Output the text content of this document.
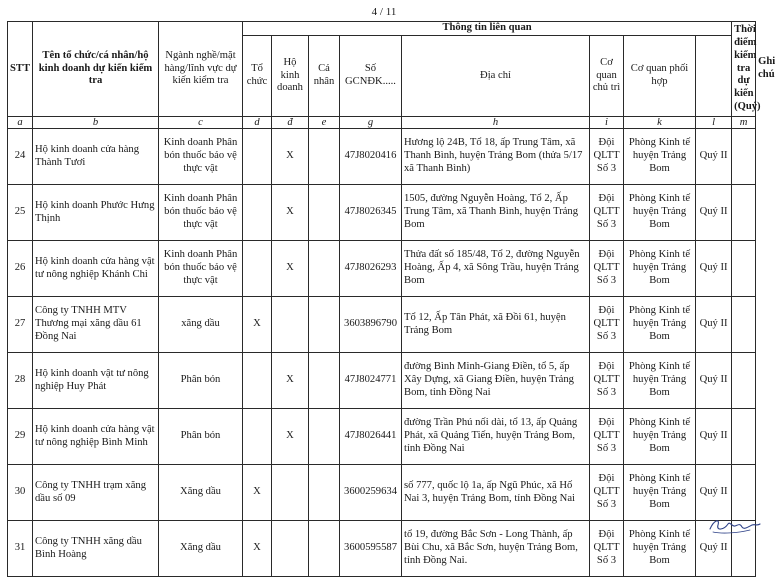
4 / 11
STT	Tên tổ chức/cá nhân/hộ kinh doanh dự kiến kiểm tra	Ngành nghề/mặt hàng/lĩnh vực dự kiến kiểm tra	Thông tin liên quan								Thời điểm kiểm tra dự kiến (Quý)	Ghi chú
			Tổ chức	Hộ kinh doanh	Cá nhân	Số GCNĐK.....	Địa chỉ	Cơ quan chủ trì	Cơ quan phối hợp			
a	b	c	d	đ	e	g	h	i	k	l	m	
24	Hộ kinh doanh cửa hàng Thành Tươi	Kinh doanh Phân bón thuốc bảo vệ thực vật		X		47J8020416	Hương lộ 24B, Tổ 18, ấp Trung Tâm, xã Thanh Bình, huyện Trảng Bom (thửa 5/17 xã Thanh Bình)	Đội QLTT Số 3	Phòng Kinh tế huyện Trảng Bom	Quý II		
25	Hộ kinh doanh Phước Hưng Thịnh	Kinh doanh Phân bón thuốc bảo vệ thực vật		X		47J8026345	1505, đường Nguyễn Hoàng, Tổ 2, Ấp Trung Tâm, xã Thanh Bình, huyện Trảng Bom	Đội QLTT Số 3	Phòng Kinh tế huyện Trảng Bom	Quý II		
26	Hộ kinh doanh cửa hàng vật tư nông nghiệp Khánh Chi	Kinh doanh Phân bón thuốc bảo vệ thực vật		X		47J8026293	Thửa đất số 185/48, Tổ 2, đường Nguyễn Hoàng, Ấp 4, xã Sông Trầu, huyện Trảng Bom	Đội QLTT Số 3	Phòng Kinh tế huyện Trảng Bom	Quý II		
27	Công ty TNHH MTV Thương mại xăng dầu 61 Đồng Nai	xăng dầu	X			3603896790	Tổ 12, Ấp Tân Phát, xã Đồi 61, huyện Trảng Bom	Đội QLTT Số 3	Phòng Kinh tế huyện Trảng Bom	Quý II		
28	Hộ kinh doanh vật tư nông nghiệp Huy Phát	Phân bón		X		47J8024771	đường Bình Minh-Giang Điền, tổ 5, ấp Xây Dựng, xã Giang Điền, huyện Trảng Bom, tỉnh Đồng Nai	Đội QLTT Số 3	Phòng Kinh tế huyện Trảng Bom	Quý II		
29	Hộ kinh doanh cửa hàng vật tư nông nghiệp Bình Minh	Phân bón		X		47J8026441	đường Trần Phú nối dài, tổ 13, ấp Quảng Phát, xã Quảng Tiến, huyện Trảng Bom, tỉnh Đồng Nai	Đội QLTT Số 3	Phòng Kinh tế huyện Trảng Bom	Quý II		
30	Công ty TNHH trạm xăng dầu số 09	Xăng dầu	X			3600259634	số 777, quốc lộ 1a, ấp Ngũ Phúc, xã Hố Nai 3, huyện Trảng Bom, tỉnh Đồng Nai	Đội QLTT Số 3	Phòng Kinh tế huyện Trảng Bom	Quý II		
31	Công ty TNHH xăng dầu Bình Hoàng	Xăng dầu	X			3600595587	tổ 19, đường Bắc Sơn - Long Thành, ấp Bùi Chu, xã Bắc Sơn, huyện Trảng Bom, tỉnh Đồng Nai.	Đội QLTT Số 3	Phòng Kinh tế huyện Trảng Bom	Quý II		
